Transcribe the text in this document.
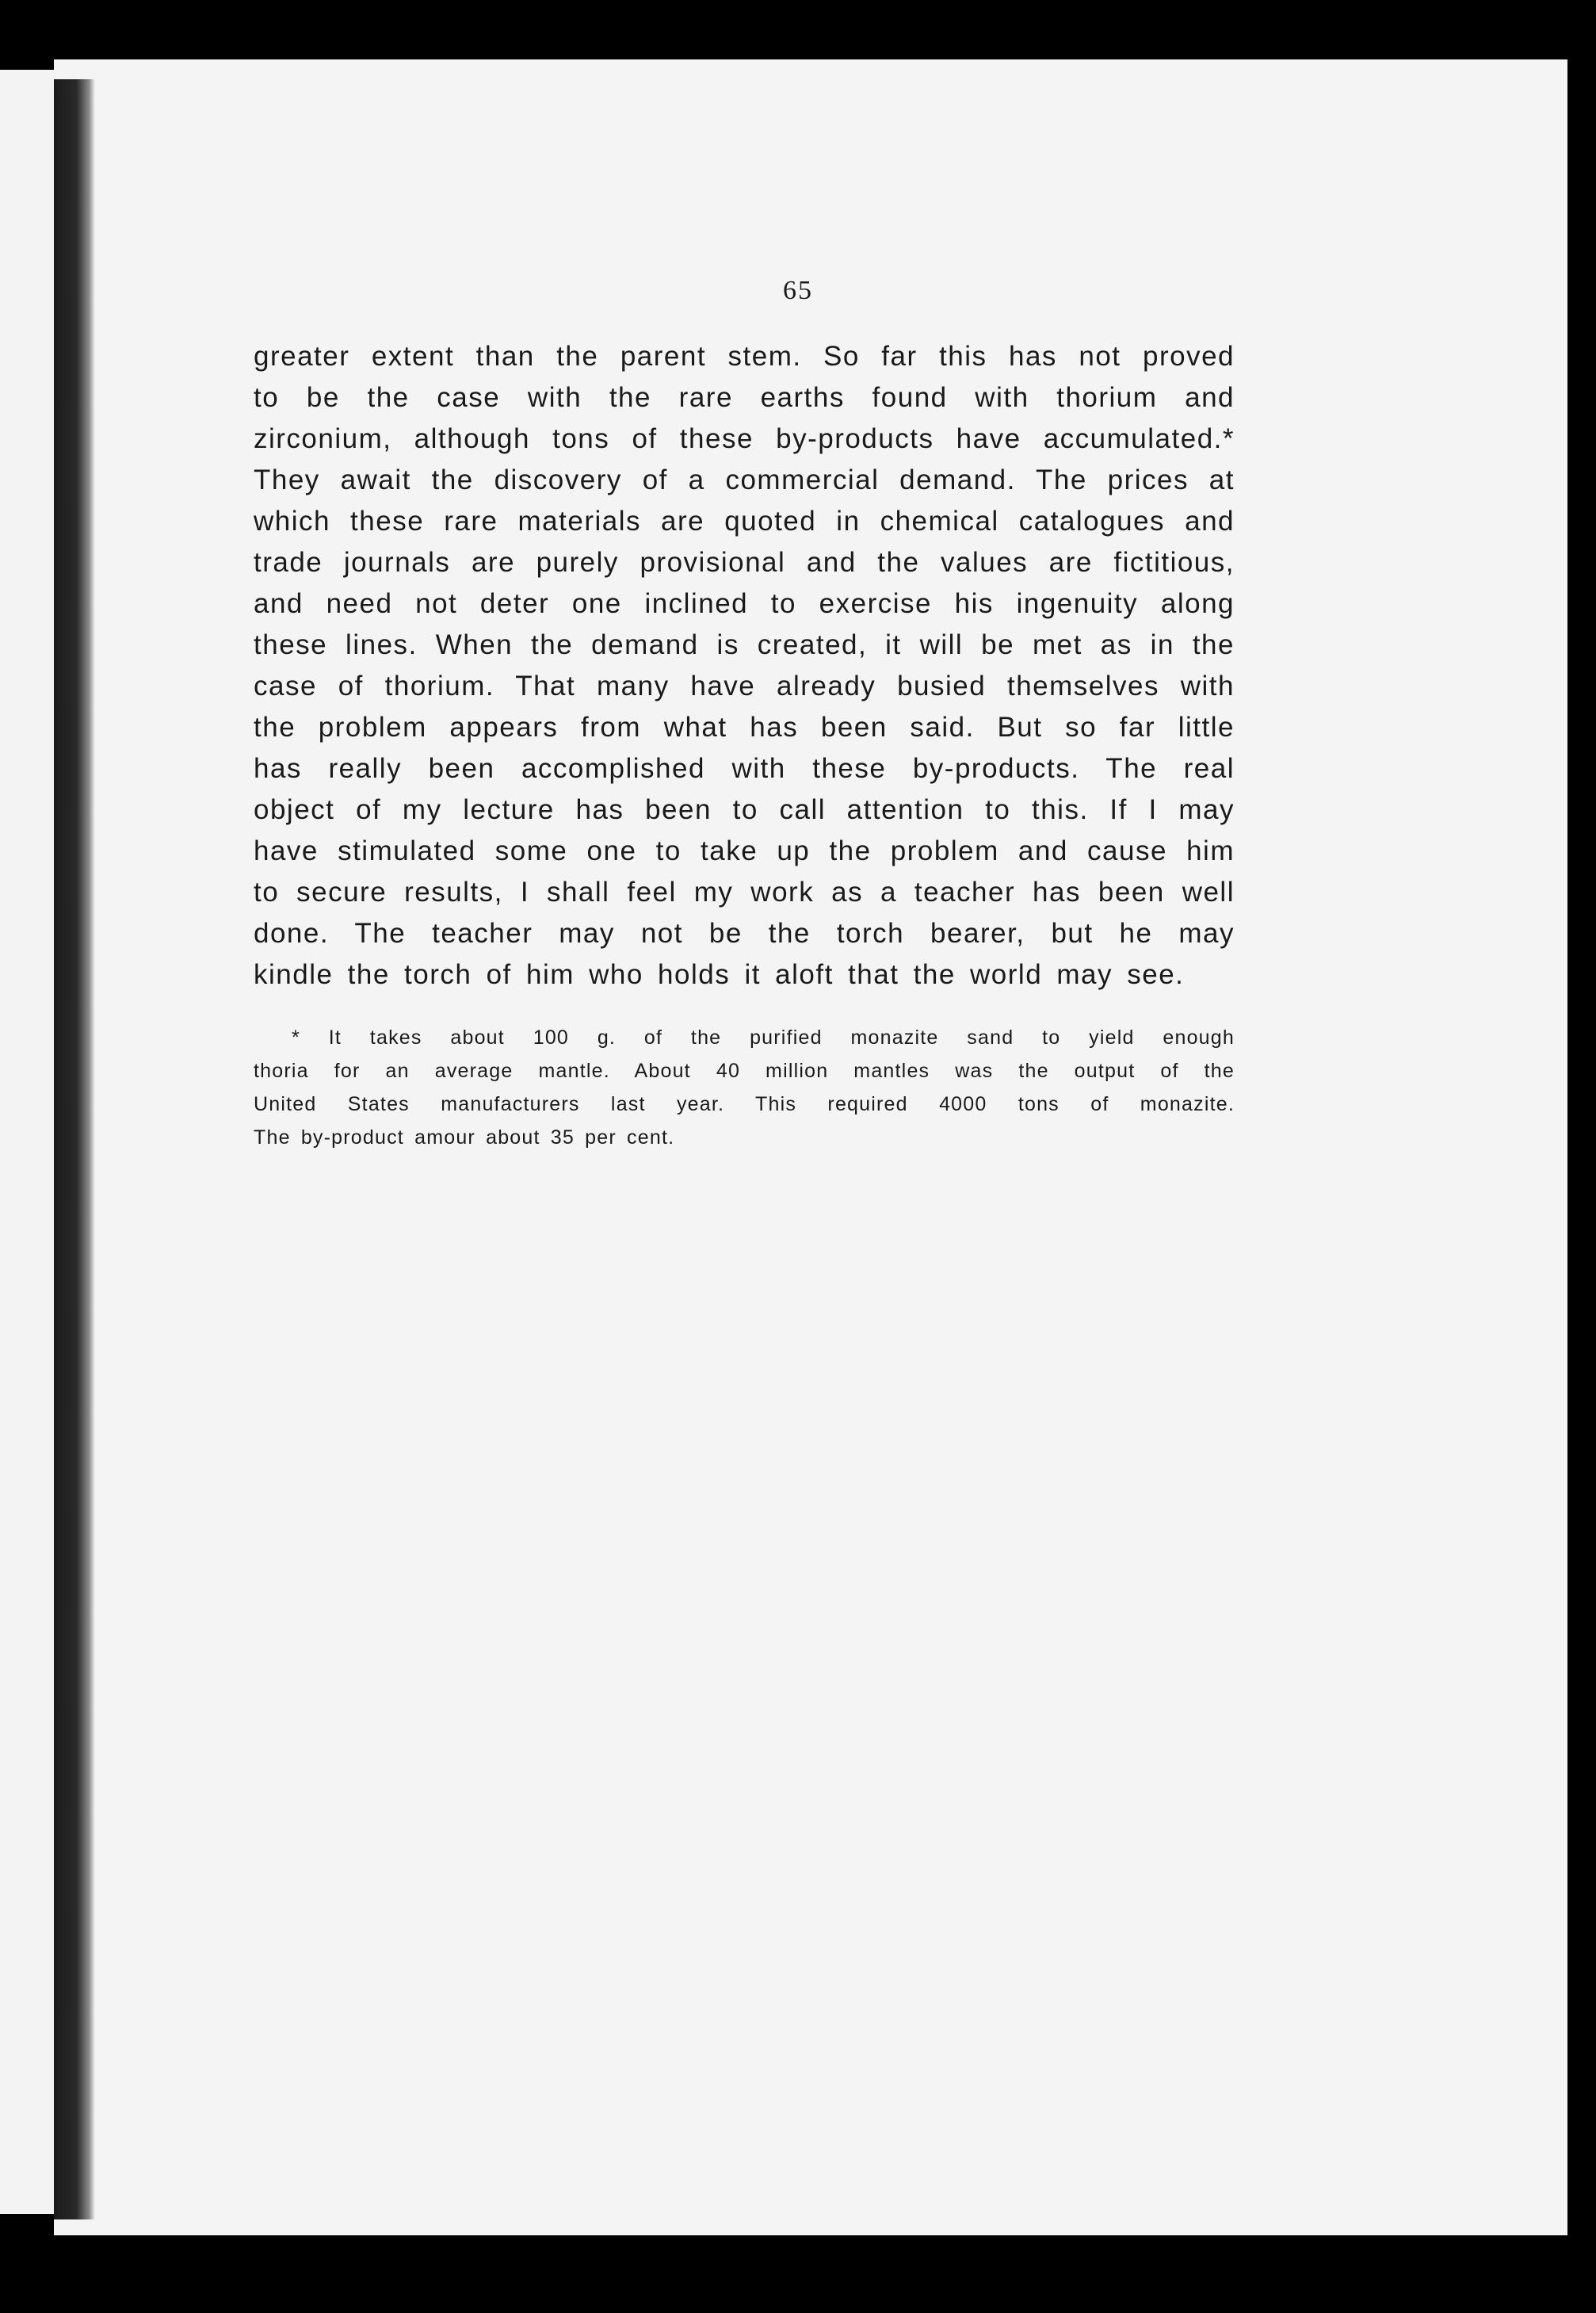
65
greater extent than the parent stem. So far this has not proved
to be the case with the rare earths found with thorium and
zirconium, although tons of these by-products have accumulated.*
They await the discovery of a commercial demand. The prices at
which these rare materials are quoted in chemical catalogues and
trade journals are purely provisional and the values are fictitious,
and need not deter one inclined to exercise his ingenuity along
these lines. When the demand is created, it will be met as in the
case of thorium. That many have already busied themselves with
the problem appears from what has been said. But so far little
has really been accomplished with these by-products. The real
object of my lecture has been to call attention to this. If I may
have stimulated some one to take up the problem and cause him
to secure results, I shall feel my work as a teacher has been well
done. The teacher may not be the torch bearer, but he may
kindle the torch of him who holds it aloft that the world may see.
* It takes about 100 g. of the purified monazite sand to yield enough
thoria for an average mantle. About 40 million mantles was the output of the
United States manufacturers last year. This required 4000 tons of monazite.
The by-product amour about 35 per cent.
